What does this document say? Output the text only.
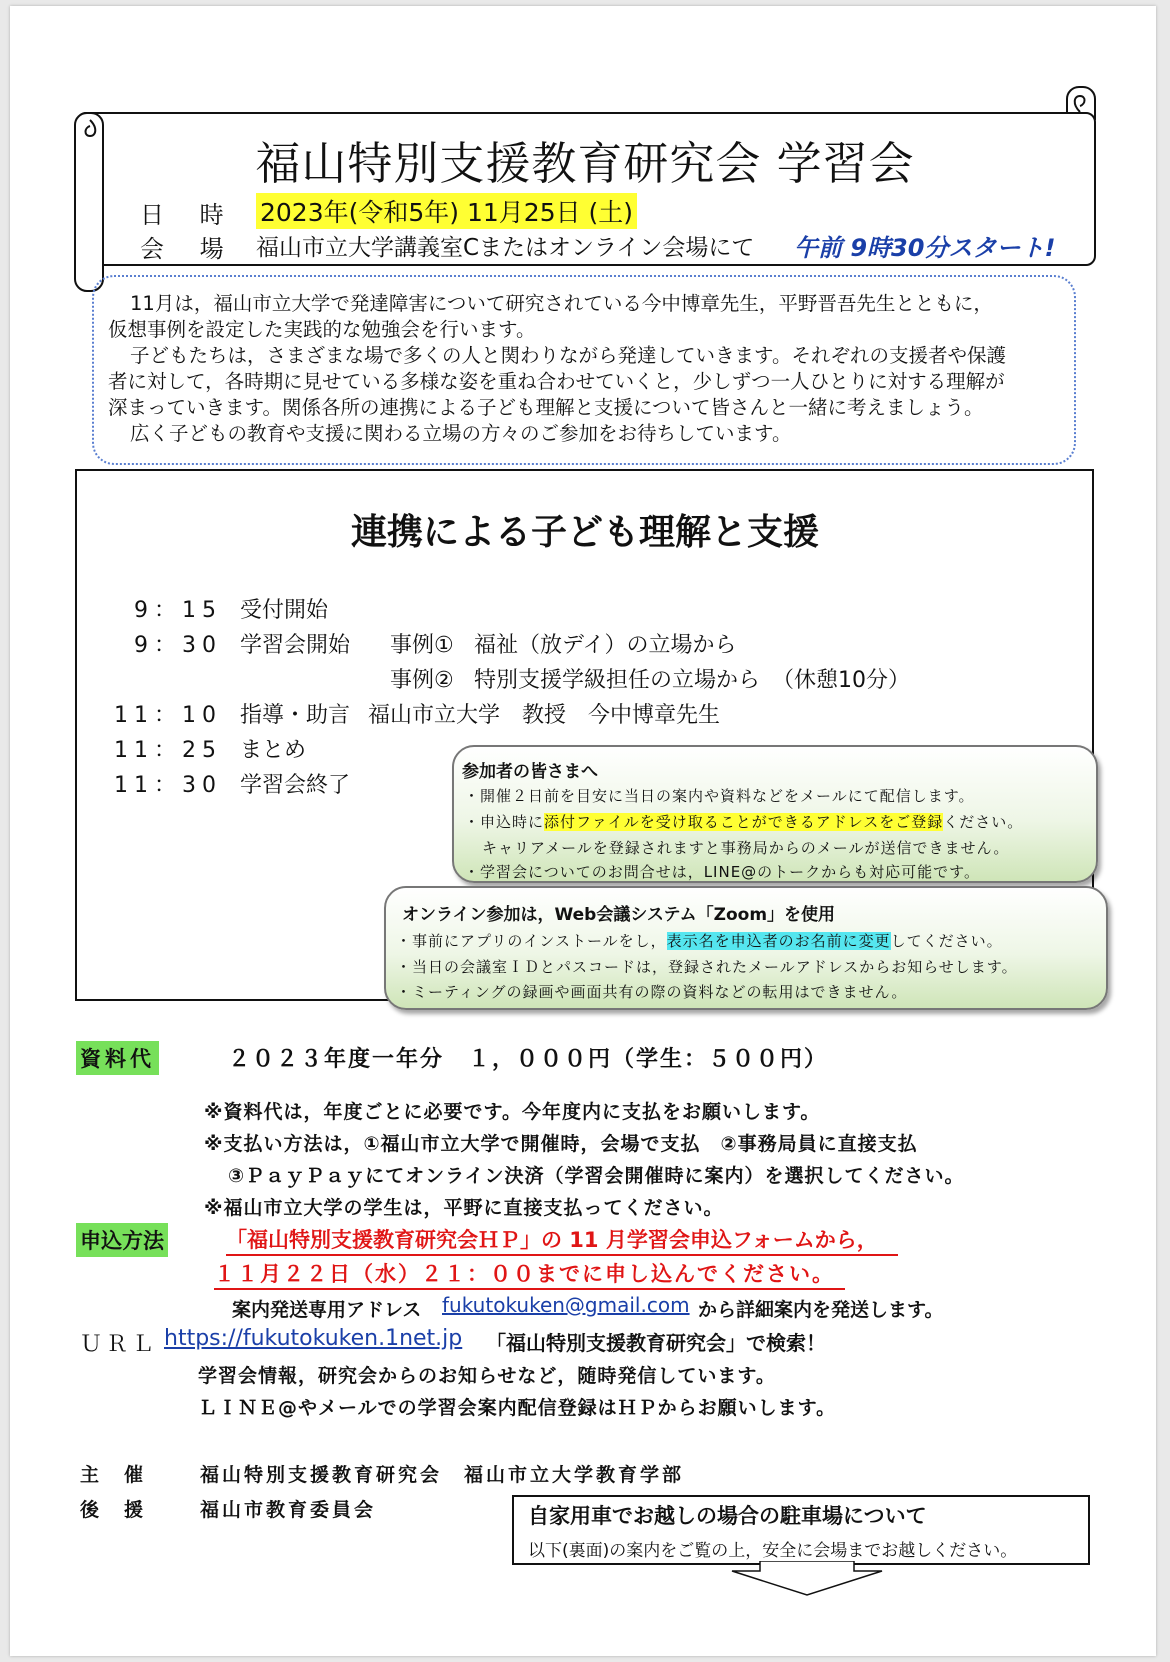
福山特別支援教育研究会 学習会
日 時 2023年(令和5年) 11月25日 (土)
会 場 福山市立大学講義室Cまたはオンライン会場にて 午前 9時30分スタート!

11月は，福山市立大学で発達障害について研究されている今中博章先生，平野晋吾先生とともに，

仮想事例を設定した実践的な勉強会を行います。

子どもたちは，さまざまな場で多くの人と関わりながら発達していきます。それぞれの支援者や保護

者に対して，各時期に見せている多様な姿を重ね合わせていくと，少しずつ一人ひとりに対する理解が

深まっていきます。関係各所の連携による子ども理解と支援について皆さんと一緒に考えましょう。

広く子どもの教育や支援に関わる立場の方々のご参加をお待ちしています。

連携による子ども理解と支援
9：15 受付開始
9：30 学習会開始 事例① 福祉（放デイ）の立場から
事例② 特別支援学級担任の立場から （休憩10分）
11：10 指導・助言 福山市立大学　教授　今中博章先生
11：25 まとめ
11：30 学習会終了
参加者の皆さまへ
・開催２日前を目安に当日の案内や資料などをメールにて配信します。
・申込時に添付ファイルを受け取ることができるアドレスをご登録ください。
キャリアメールを登録されますと事務局からのメールが送信できません。
・学習会についてのお問合せは，LINE@のトークからも対応可能です。
オンライン参加は，Web会議システム「Zoom」を使用
・事前にアプリのインストールをし，表示名を申込者のお名前に変更してください。
・当日の会議室ＩＤとパスコードは，登録されたメールアドレスからお知らせします。
・ミーティングの録画や画面共有の際の資料などの転用はできません。
資料代	２０２３年度一年分　１，０００円（学生：５００円）
※資料代は，年度ごとに必要です。今年度内に支払をお願いします。
※支払い方法は，①福山市立大学で開催時，会場で支払　②事務局員に直接支払
③ＰａｙＰａｙにてオンライン決済（学習会開催時に案内）を選択してください。
※福山市立大学の学生は，平野に直接支払ってください。
申込方法	「福山特別支援教育研究会ＨＰ」の 11 月学習会申込フォームから，
１１月２２日（水）２１：００までに申し込んでください。
案内発送専用アドレス fukutokuken@gmail.com から詳細案内を発送します。
ＵＲＬ https://fukutokuken.1net.jp 「福山特別支援教育研究会」で検索！
学習会情報，研究会からのお知らせなど，随時発信しています。
ＬＩＮＥ@やメールでの学習会案内配信登録はＨＰからお願いします。
主　催	福山特別支援教育研究会　福山市立大学教育学部
後　援	福山市教育委員会	自家用車でお越しの場合の駐車場について
以下(裏面)の案内をご覧の上，安全に会場までお越しください。
